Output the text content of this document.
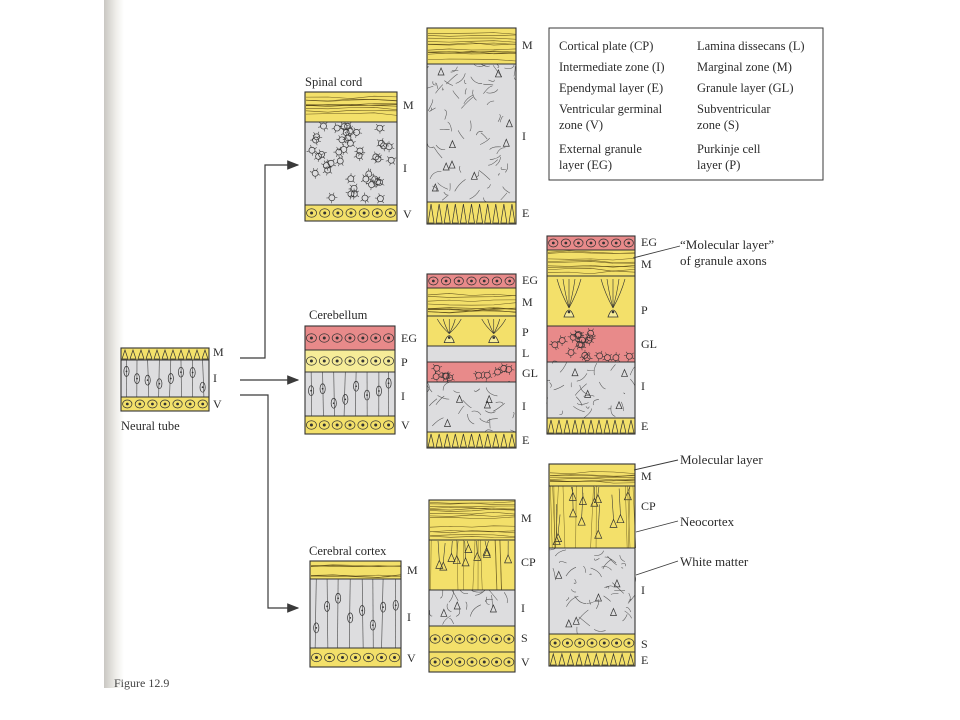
Cortical plate (CP)
Intermediate zone (I)
Ependymal layer (E)
Ventricular germinal
zone (V)
External granule
layer (EG)
Lamina dissecans (L)
Marginal zone (M)
Granule layer (GL)
Subventricular
zone (S)
Purkinje cell
layer (P)
M
I
V
M
I
V
M
I
E
EG
P
I
V
EG
M
P
L
GL
I
E
EG
M
P
GL
I
E
M
I
V
M
CP
I
S
V
M
CP
I
S
E
Neural tube
Spinal cord
Cerebellum
Cerebral cortex
“Molecular layer”
of granule axons
Molecular layer
Neocortex
White matter
Figure 12.9
